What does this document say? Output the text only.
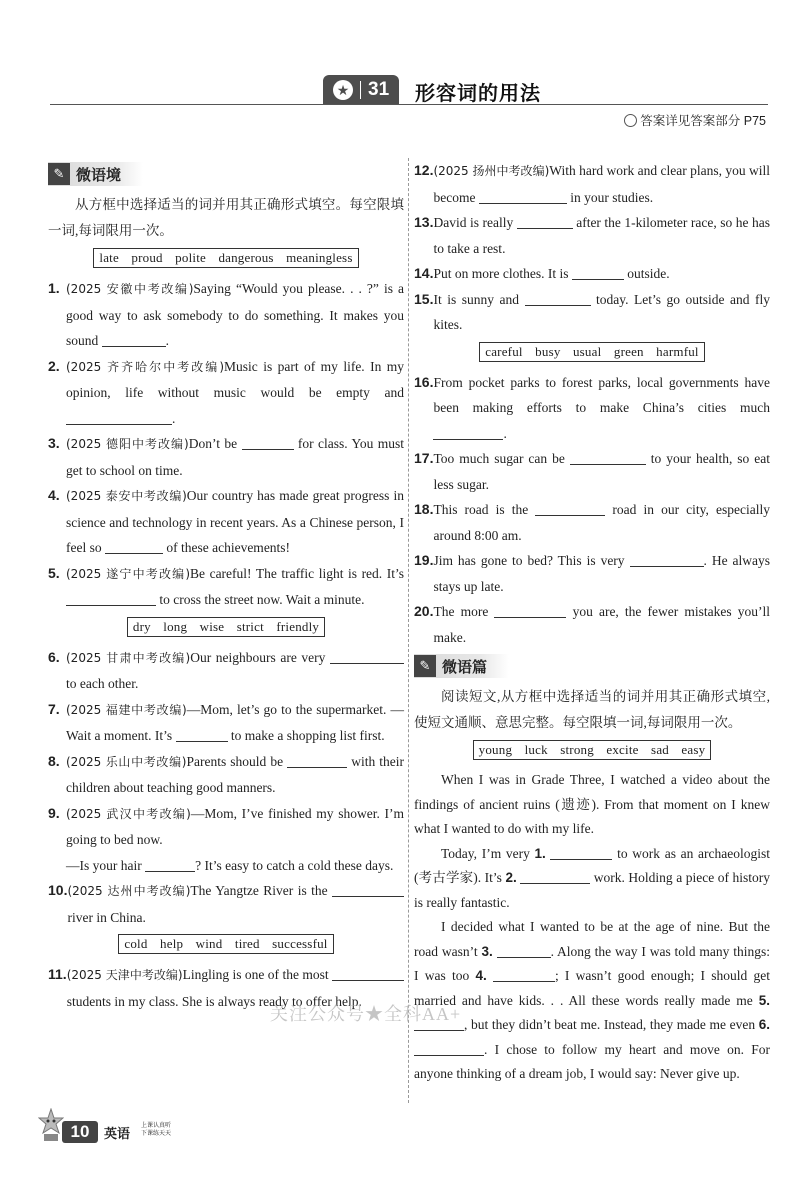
★ 31 形容词的用法
答案详见答案部分 P75
✎ 微语境

从方框中选择适当的词并用其正确形式填空。每空限填一词,每词限用一次。

late proud polite dangerous meaningless
1. (2025 安徽中考改编)Saying “Would you please. . . ?” is a good way to ask somebody to do something. It makes you sound	.
2. (2025 齐齐哈尔中考改编)Music is part of my life. In my opinion, life without music would be empty and .
3. (2025 德阳中考改编)Don’t be	for class. You must get to school on time.
4. (2025 泰安中考改编)Our country has made great progress in science and technology in recent years. As a Chinese person, I feel so	of these achievements!
5. (2025 遂宁中考改编)Be careful! The traffic light is red. It’s  to cross the street now. Wait a minute.
dry long wise strict friendly
6. (2025 甘肃中考改编)Our neighbours are very  to each other.
7. (2025 福建中考改编)—Mom, let’s go to the supermarket. —Wait a moment. It’s	to make a shopping list first.
8. (2025 乐山中考改编)Parents should be	with their children about teaching good manners.
9. (2025 武汉中考改编)—Mom, I’ve finished my shower. I’m going to bed now.
—Is your hair	? It’s easy to catch a cold these days.
10. (2025 达州中考改编)The Yangtze River is the  river in China.
cold help wind tired successful
11. (2025 天津中考改编)Lingling is one of the most  students in my class. She is always ready to offer help.
12. (2025 扬州中考改编)With hard work and clear plans, you will become	in your studies.
13. David is really	after the 1-kilometer race, so he has to take a rest.
14. Put on more clothes. It is	outside.
15. It is sunny and	today. Let’s go outside and fly kites.
careful busy usual green harmful
16. From pocket parks to forest parks, local governments have been making efforts to make China’s cities much .
17. Too much sugar can be	to your health, so eat less sugar.
18. This road is the	road in our city, especially around 8:00 am.
19. Jim has gone to bed? This is very	. He always stays up late.
20. The more	you are, the fewer mistakes you’ll make.
✎ 微语篇

阅读短文,从方框中选择适当的词并用其正确形式填空,使短文通顺、意思完整。每空限填一词,每词限用一次。

young luck strong excite sad easy

When I was in Grade Three, I watched a video about the findings of ancient ruins (遗迹). From that moment on I knew what I wanted to do with my life.

Today, I’m very 1.	to work as an archaeologist (考古学家). It’s 2.	work. Holding a piece of history is really fantastic.

I decided what I wanted to be at the age of nine. But the road wasn’t 3.	. Along the way I was told many things: I was too 4.	; I wasn’t good enough; I should get married and have kids. . . All these words really made me 5. , but they didn’t beat me. Instead, they made me even 6. . I chose to follow my heart and move on. For anyone thinking of a dream job, I would say: Never give up.

关注公众号★全科AA+
10	英语 上课认真听
下课练天天
